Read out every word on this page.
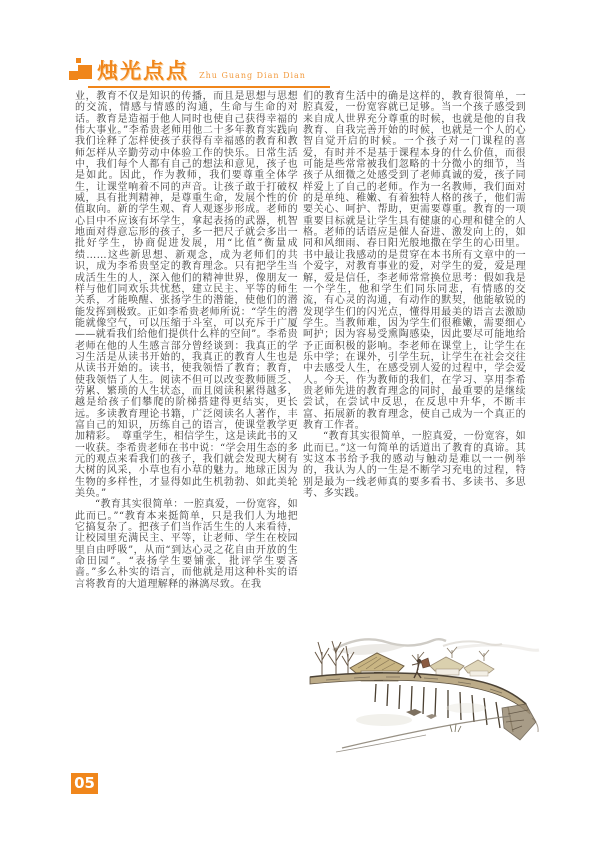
烛光点点 Zhu Guang Dian Dian

业，教育不仅是知识的传播，而且是思想与思想的交流，情感与情感的沟通，生命与生命的对话。教育是造福于他人同时也使自己获得幸福的伟大事业。”李希贵老师用他二十多年教育实践向我们诠释了怎样使孩子获得有幸福感的教育和教师怎样从辛勤劳动中体验工作的快乐。日常生活中，我们每个人都有自己的想法和意见，孩子也是如此。因此，作为教师，我们要尊重全体学生，让课堂响着不同的声音。让孩子敢于打破权威，具有批判精神，是尊重生命，发展个性的价值取向。新的学生观、育人观逐步形成。老师的心目中不应该有坏学生，拿起表扬的武器，机智地面对得意忘形的孩子，多一把尺子就会多出一批好学生，协商促进发展，用“比值”衡量成绩……这些新思想、新观念，成为老师们的共识，成为李希贵坚定的教育理念。只有把学生当成活生生的人，深入他们的精神世界，像朋友一样与他们同欢乐共忧愁，建立民主、平等的师生关系，才能唤醒、张扬学生的潜能，使他们的潜能发挥到极致。正如李希贵老师所说：“学生的潜能就像空气，可以压缩于斗室，可以充斥于广厦——就看我们给他们提供什么样的空间”。李希贵老师在他的人生感言部分曾经谈到：我真正的学习生活是从读书开始的，我真正的教育人生也是从读书开始的。读书，使我领悟了教育；教育，使我领悟了人生。阅读不但可以改变教师匮乏、劳累、繁琐的人生状态，而且阅读积累得越多，越是给孩子们攀爬的阶梯搭建得更结实，更长远。多读教育理论书籍，广泛阅读名人著作，丰富自己的知识，历练自己的语言，使课堂教学更加精彩。　尊重学生，相信学生，这是读此书的又一收获。李希贵老师在书中说：“学会用生态的多元的观点来看我们的孩子，我们就会发现大树有大树的风采，小草也有小草的魅力。地球正因为生物的多样性，才显得如此生机勃勃、如此美轮美奂。”

“教育其实很简单：一腔真爱，一份宽容，如此而已。”“教育本来挺简单，只是我们人为地把它搞复杂了。把孩子们当作活生生的人来看待，让校园里充满民主、平等，让老师、学生在校园里自由呼吸”，从而“到达心灵之花自由开放的生命田园”。“表扬学生要铺张，批评学生要吝啬。”多么朴实的语言，而他就是用这种朴实的语言将教育的大道理解释的淋漓尽致。在我

们的教育生活中的确是这样的，教育很简单，一腔真爱，一份宽容就已足够。当一个孩子感受到来自成人世界充分尊重的时候，也就是他的自我教育、自我完善开始的时候，也就是一个人的心智自觉开启的时候。一个孩子对一门课程的喜爱，有时并不是基于课程本身的什么价值，而很可能是些常常被我们忽略的十分微小的细节，当孩子从细微之处感受到了老师真诚的爱，孩子同样爱上了自己的老师。作为一名教师，我们面对的是单纯、稚嫩、有着独特人格的孩子，他们需要关心、呵护、帮助，更需要尊重。教育的一项重要目标就是让学生具有健康的心理和健全的人格。老师的话语应是催人奋进、激发向上的，如同和风细雨、春日阳光般地撒在学生的心田里。书中最让我感动的是贯穿在本书所有文章中的一个爱字，对教育事业的爱，对学生的爱，爱是理解，爱是信任，李老师常常换位思考：假如我是一个学生，他和学生们同乐同悲，有情感的交流，有心灵的沟通，有动作的默契，他能敏锐的发现学生们的闪光点，懂得用最美的语言去激励学生。当教师难，因为学生们很稚嫩，需要细心呵护；因为容易受熏陶感染，因此要尽可能地给予正面积极的影响。李老师在课堂上，让学生在乐中学；在课外，引学生玩，让学生在社会交往中去感受人生，在感受别人爱的过程中，学会爱人。今天，作为教师的我们，在学习、享用李希贵老师先进的教育理念的同时，最重要的是继续尝试，在尝试中反思，在反思中升华，不断丰富、拓展新的教育理念，使自己成为一个真正的教育工作者。

“教育其实很简单，一腔真爱，一份宽容，如此而已。”这一句简单的话道出了教育的真谛。其实这本书给予我的感动与触动是难以一一例举的，我认为人的一生是不断学习充电的过程，特别是最为一线老师真的要多看书、多读书、多思考、多实践。

05
